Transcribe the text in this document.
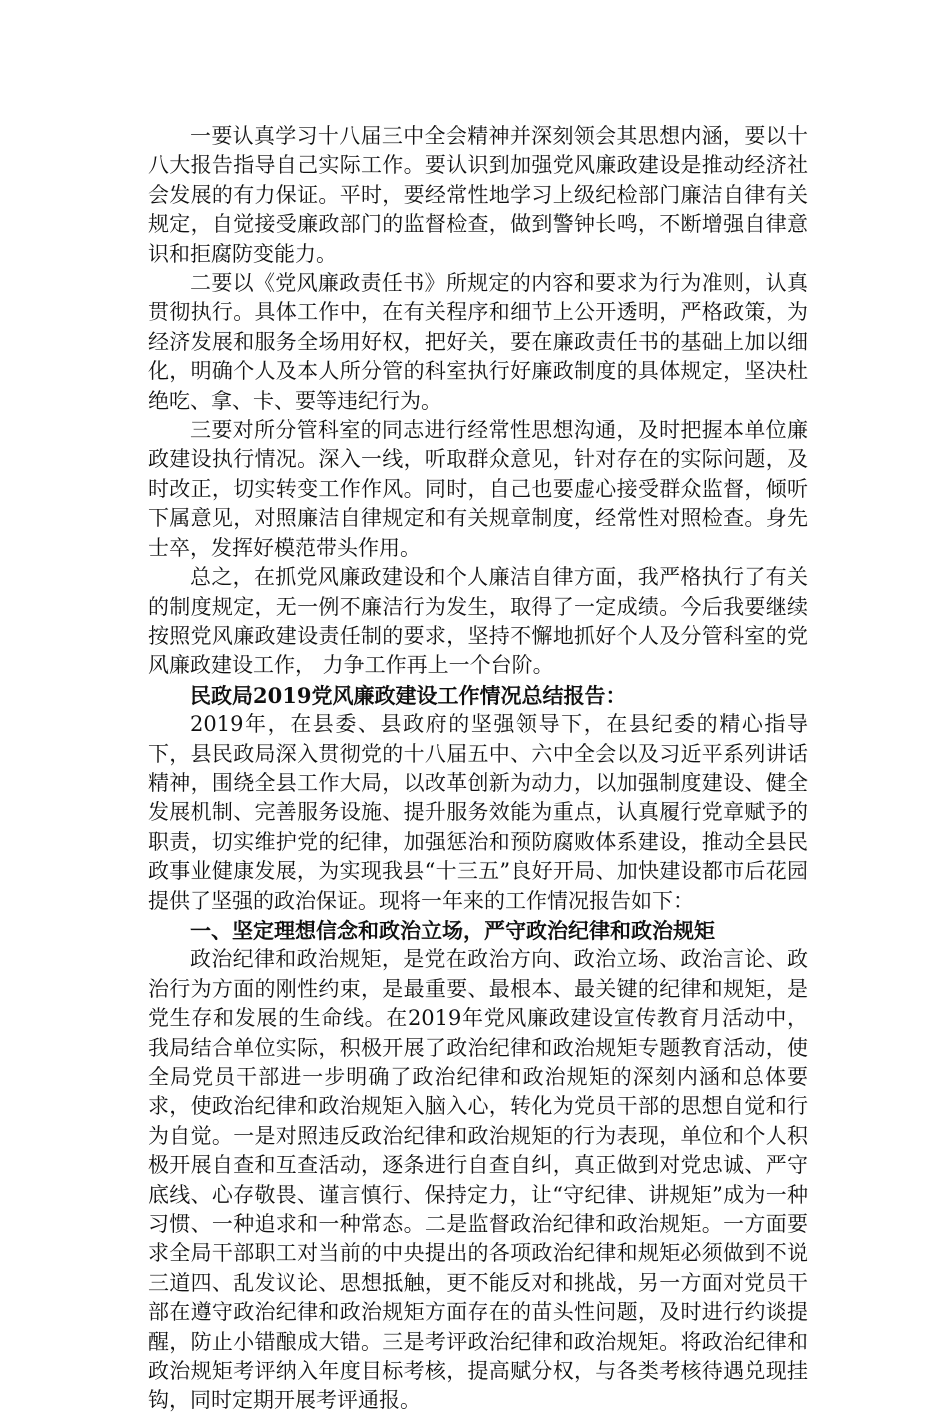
一要认真学习十八届三中全会精神并深刻领会其思想内涵，要以十八大报告指导自己实际工作。要认识到加强党风廉政建设是推动经济社会发展的有力保证。平时，要经常性地学习上级纪检部门廉洁自律有关规定，自觉接受廉政部门的监督检查，做到警钟长鸣，不断增强自律意识和拒腐防变能力。

二要以《党风廉政责任书》所规定的内容和要求为行为准则，认真贯彻执行。具体工作中，在有关程序和细节上公开透明，严格政策，为经济发展和服务全场用好权，把好关，要在廉政责任书的基础上加以细化，明确个人及本人所分管的科室执行好廉政制度的具体规定，坚决杜绝吃、拿、卡、要等违纪行为。

三要对所分管科室的同志进行经常性思想沟通，及时把握本单位廉政建设执行情况。深入一线，听取群众意见，针对存在的实际问题，及时改正，切实转变工作作风。同时，自己也要虚心接受群众监督，倾听下属意见，对照廉洁自律规定和有关规章制度，经常性对照检查。身先士卒，发挥好模范带头作用。

总之，在抓党风廉政建设和个人廉洁自律方面，我严格执行了有关的制度规定，无一例不廉洁行为发生，取得了一定成绩。今后我要继续按照党风廉政建设责任制的要求，坚持不懈地抓好个人及分管科室的党风廉政建设工作， 力争工作再上一个台阶。

民政局2019党风廉政建设工作情况总结报告：

2019年，在县委、县政府的坚强领导下，在县纪委的精心指导下，县民政局深入贯彻党的十八届五中、六中全会以及习近平系列讲话精神，围绕全县工作大局，以改革创新为动力，以加强制度建设、健全发展机制、完善服务设施、提升服务效能为重点，认真履行党章赋予的职责，切实维护党的纪律，加强惩治和预防腐败体系建设，推动全县民政事业健康发展，为实现我县“十三五”良好开局、加快建设都市后花园提供了坚强的政治保证。现将一年来的工作情况报告如下：

一、坚定理想信念和政治立场，严守政治纪律和政治规矩

政治纪律和政治规矩，是党在政治方向、政治立场、政治言论、政治行为方面的刚性约束，是最重要、最根本、最关键的纪律和规矩，是党生存和发展的生命线。在2019年党风廉政建设宣传教育月活动中，我局结合单位实际，积极开展了政治纪律和政治规矩专题教育活动，使全局党员干部进一步明确了政治纪律和政治规矩的深刻内涵和总体要求，使政治纪律和政治规矩入脑入心，转化为党员干部的思想自觉和行为自觉。一是对照违反政治纪律和政治规矩的行为表现，单位和个人积极开展自查和互查活动，逐条进行自查自纠，真正做到对党忠诚、严守底线、心存敬畏、谨言慎行、保持定力，让“守纪律、讲规矩”成为一种习惯、一种追求和一种常态。二是监督政治纪律和政治规矩。一方面要求全局干部职工对当前的中央提出的各项政治纪律和规矩必须做到不说三道四、乱发议论、思想抵触，更不能反对和挑战，另一方面对党员干部在遵守政治纪律和政治规矩方面存在的苗头性问题，及时进行约谈提醒，防止小错酿成大错。三是考评政治纪律和政治规矩。将政治纪律和政治规矩考评纳入年度目标考核，提高赋分权，与各类考核待遇兑现挂钩，同时定期开展考评通报。
